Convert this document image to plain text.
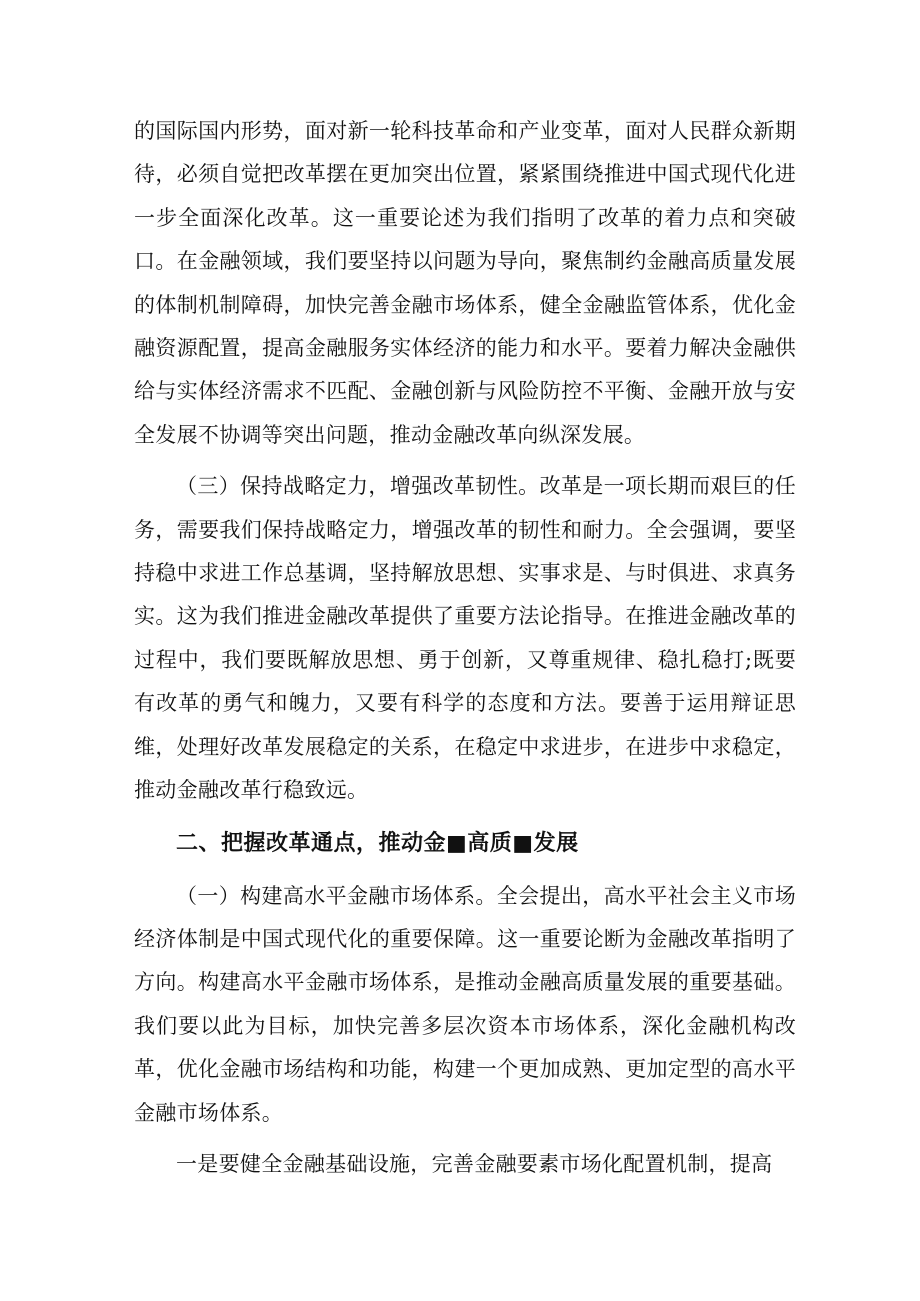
的国际国内形势，面对新一轮科技革命和产业变革，面对人民群众新期待，必须自觉把改革摆在更加突出位置，紧紧围绕推进中国式现代化进一步全面深化改革。这一重要论述为我们指明了改革的着力点和突破口。在金融领域，我们要坚持以问题为导向，聚焦制约金融高质量发展的体制机制障碍，加快完善金融市场体系，健全金融监管体系，优化金融资源配置，提高金融服务实体经济的能力和水平。要着力解决金融供给与实体经济需求不匹配、金融创新与风险防控不平衡、金融开放与安全发展不协调等突出问题，推动金融改革向纵深发展。

（三）保持战略定力，增强改革韧性。改革是一项长期而艰巨的任务，需要我们保持战略定力，增强改革的韧性和耐力。全会强调，要坚持稳中求进工作总基调，坚持解放思想、实事求是、与时俱进、求真务实。这为我们推进金融改革提供了重要方法论指导。在推进金融改革的过程中，我们要既解放思想、勇于创新，又尊重规律、稳扎稳打;既要有改革的勇气和魄力，又要有科学的态度和方法。要善于运用辩证思维，处理好改革发展稳定的关系，在稳定中求进步，在进步中求稳定，推动金融改革行稳致远。

二、把握改革通点，推动金■高质■发展

（一）构建高水平金融市场体系。全会提出，高水平社会主义市场经济体制是中国式现代化的重要保障。这一重要论断为金融改革指明了方向。构建高水平金融市场体系，是推动金融高质量发展的重要基础。我们要以此为目标，加快完善多层次资本市场体系，深化金融机构改革，优化金融市场结构和功能，构建一个更加成熟、更加定型的高水平金融市场体系。

一是要健全金融基础设施，完善金融要素市场化配置机制，提高
